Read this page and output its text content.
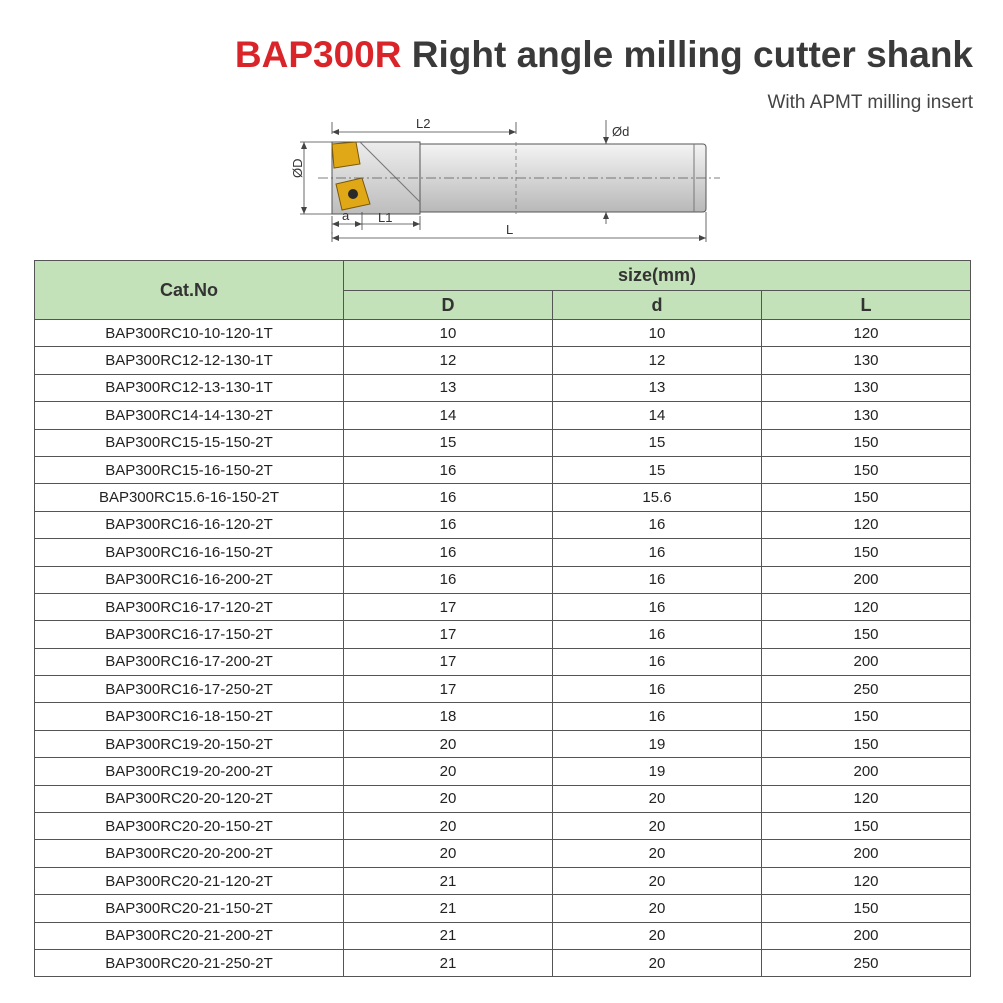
BAP300R Right angle milling cutter shank
With APMT milling insert
L2
Ød
ØD
a L1
L
Cat.No	size(mm)		
	D	d	L
BAP300RC10-10-120-1T	10	10	120
BAP300RC12-12-130-1T	12	12	130
BAP300RC12-13-130-1T	13	13	130
BAP300RC14-14-130-2T	14	14	130
BAP300RC15-15-150-2T	15	15	150
BAP300RC15-16-150-2T	16	15	150
BAP300RC15.6-16-150-2T	16	15.6	150
BAP300RC16-16-120-2T	16	16	120
BAP300RC16-16-150-2T	16	16	150
BAP300RC16-16-200-2T	16	16	200
BAP300RC16-17-120-2T	17	16	120
BAP300RC16-17-150-2T	17	16	150
BAP300RC16-17-200-2T	17	16	200
BAP300RC16-17-250-2T	17	16	250
BAP300RC16-18-150-2T	18	16	150
BAP300RC19-20-150-2T	20	19	150
BAP300RC19-20-200-2T	20	19	200
BAP300RC20-20-120-2T	20	20	120
BAP300RC20-20-150-2T	20	20	150
BAP300RC20-20-200-2T	20	20	200
BAP300RC20-21-120-2T	21	20	120
BAP300RC20-21-150-2T	21	20	150
BAP300RC20-21-200-2T	21	20	200
BAP300RC20-21-250-2T	21	20	250
